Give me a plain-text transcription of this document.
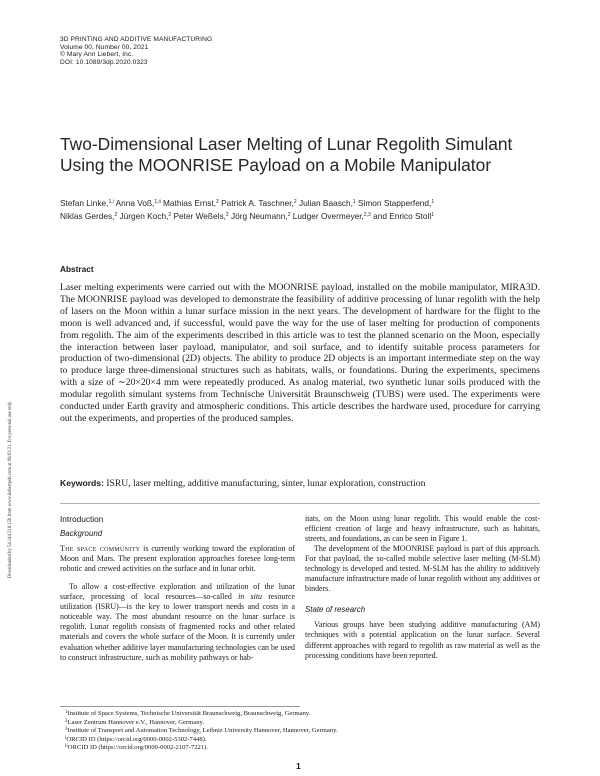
3D PRINTING AND ADDITIVE MANUFACTURING
Volume 00, Number 00, 2021
© Mary Ann Liebert, Inc.
DOI: 10.1089/3dp.2020.0323
Downloaded by 54.144.218.150 from www.liebertpub.com at 09/03/21. For personal use only.
Two-Dimensional Laser Melting of Lunar Regolith Simulant
Using the MOONRISE Payload on a Mobile Manipulator
Stefan Linke,$^{1,i}$ Anna Voß,$^{1,ii}$ Mathias Ernst,$^2$ Patrick A. Taschner,$^2$ Julian Baasch,$^1$ Simon Stapperfend,$^1$
Niklas Gerdes,$^2$ Jürgen Koch,$^2$ Peter Weßels,$^2$ Jörg Neumann,$^2$ Ludger Overmeyer,$^{2,3}$ and Enrico Stoll$^1$
Abstract

Laser melting experiments were carried out with the MOONRISE payload, installed on the mobile manipulator, MIRA3D. The MOONRISE payload was developed to demonstrate the feasibility of additive processing of lunar regolith with the help of lasers on the Moon within a lunar surface mission in the next years. The development of hardware for the flight to the moon is well advanced and, if successful, would pave the way for the use of laser melting for production of components from regolith. The aim of the experiments described in this article was to test the planned scenario on the Moon, especially the interaction between laser payload, manipulator, and soil surface, and to identify suitable process parameters for production of two-dimensional (2D) objects. The ability to produce 2D objects is an important intermediate step on the way to produce large three-dimensional structures such as habitats, walls, or foundations. During the experiments, specimens with a size of ∼20×20×4 mm were repeatedly produced. As analog material, two synthetic lunar soils produced with the modular regolith simulant systems from Technische Universität Braunschweig (TUBS) were used. The experiments were conducted under Earth gravity and atmospheric conditions. This article describes the hardware used, procedure for carrying out the experiments, and properties of the produced samples.

Keywords: ISRU, laser melting, additive manufacturing, sinter, lunar exploration, construction
Introduction
Background

The space community is currently working toward the exploration of Moon and Mars. The present exploration approaches foresee long-term robotic and crewed activities on the surface and in lunar orbit.

To allow a cost-effective exploration and utilization of the lunar surface, processing of local resources—so-called in situ resource utilization (ISRU)—is the key to lower transport needs and costs in a noticeable way. The most abundant resource on the lunar surface is regolith. Lunar regolith consists of fragmented rocks and other related materials and covers the whole surface of the Moon. It is currently under evaluation whether additive layer manufacturing technologies can be used to construct infrastructure, such as mobility pathways or hab-

itats, on the Moon using lunar regolith. This would enable the cost-efficient creation of large and heavy infrastructure, such as habitats, streets, and foundations, as can be seen in Figure 1.

The development of the MOONRISE payload is part of this approach. For that payload, the so-called mobile selective laser melting (M-SLM) technology is developed and tested. M-SLM has the ability to additively manufacture infrastructure made of lunar regolith without any additives or binders.

State of research

Various groups have been studying additive manufacturing (AM) techniques with a potential application on the lunar surface. Several different approaches with regard to regolith as raw material as well as the processing conditions have been reported.

$^1$Institute of Space Systems, Technische Universität Braunschweig, Braunschweig, Germany.
$^2$Laser Zentrum Hannover e.V., Hannover, Germany.
$^3$Institute of Transport and Automation Technology, Leibniz University Hannover, Hannover, Germany.
$^i$ORCID ID (https://orcid.org/0000-0002-5302-7448).
$^{ii}$ORCID ID (https://orcid.org/0000-0002-2107-7221).
1
